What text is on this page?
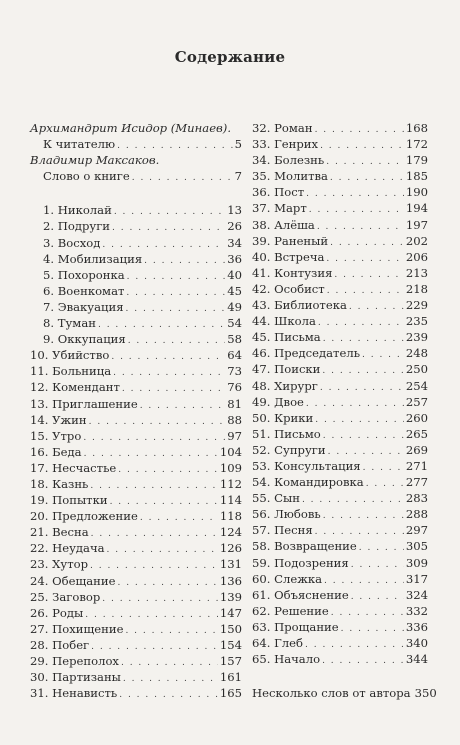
Содержание
Архимандрит Исидор (Минаев).
К читателю . . .	5
Владимир Максаков.
Слово о книге . . .	7
1. Николай . . .	13
2. Подруги . . .	26
3. Восход . . .	34
4. Мобилизация . . .	36
5. Похоронка . . .	40
6. Военкомат . . .	45
7. Эвакуация . . .	49
8. Туман . . .	54
9. Оккупация . . .	58
10. Убийство . . .	64
11. Больница . . .	73
12. Комендант . . .	76
13. Приглашение . . .	81
14. Ужин . . .	88
15. Утро . . .	97
16. Беда . . .	104
17. Несчастье . . .	109
18. Казнь . . .	112
19. Попытки . . .	114
20. Предложение . . .	118
21. Весна . . .	124
22. Неудача . . .	126
23. Хутор . . .	131
24. Обещание . . .	136
25. Заговор . . .	139
26. Роды . . .	147
27. Похищение . . .	150
28. Побег . . .	154
29. Переполох . . .	157
30. Партизаны . . .	161
31. Ненависть . . .	165
32. Роман . . .	168
33. Генрих . . .	172
34. Болезнь . . .	179
35. Молитва . . .	185
36. Пост . . .	190
37. Март . . .	194
38. Алёша . . .	197
39. Раненый . . .	202
40. Встреча . . .	206
41. Контузия . . .	213
42. Особист . . .	218
43. Библиотека . . .	229
44. Школа . . .	235
45. Письма . . .	239
46. Председатель . . .	248
47. Поиски . . .	250
48. Хирург . . .	254
49. Двое . . .	257
50. Крики . . .	260
51. Письмо . . .	265
52. Супруги . . .	269
53. Консультация . . .	271
54. Командировка . . .	277
55. Сын . . .	283
56. Любовь . . .	288
57. Песня . . .	297
58. Возвращение . . .	305
59. Подозрения . . .	309
60. Слежка . . .	317
61. Объяснение . . .	324
62. Решение . . .	332
63. Прощание . . .	336
64. Глеб . . .	340
65. Начало . . .	344
Несколько слов от автора 350
